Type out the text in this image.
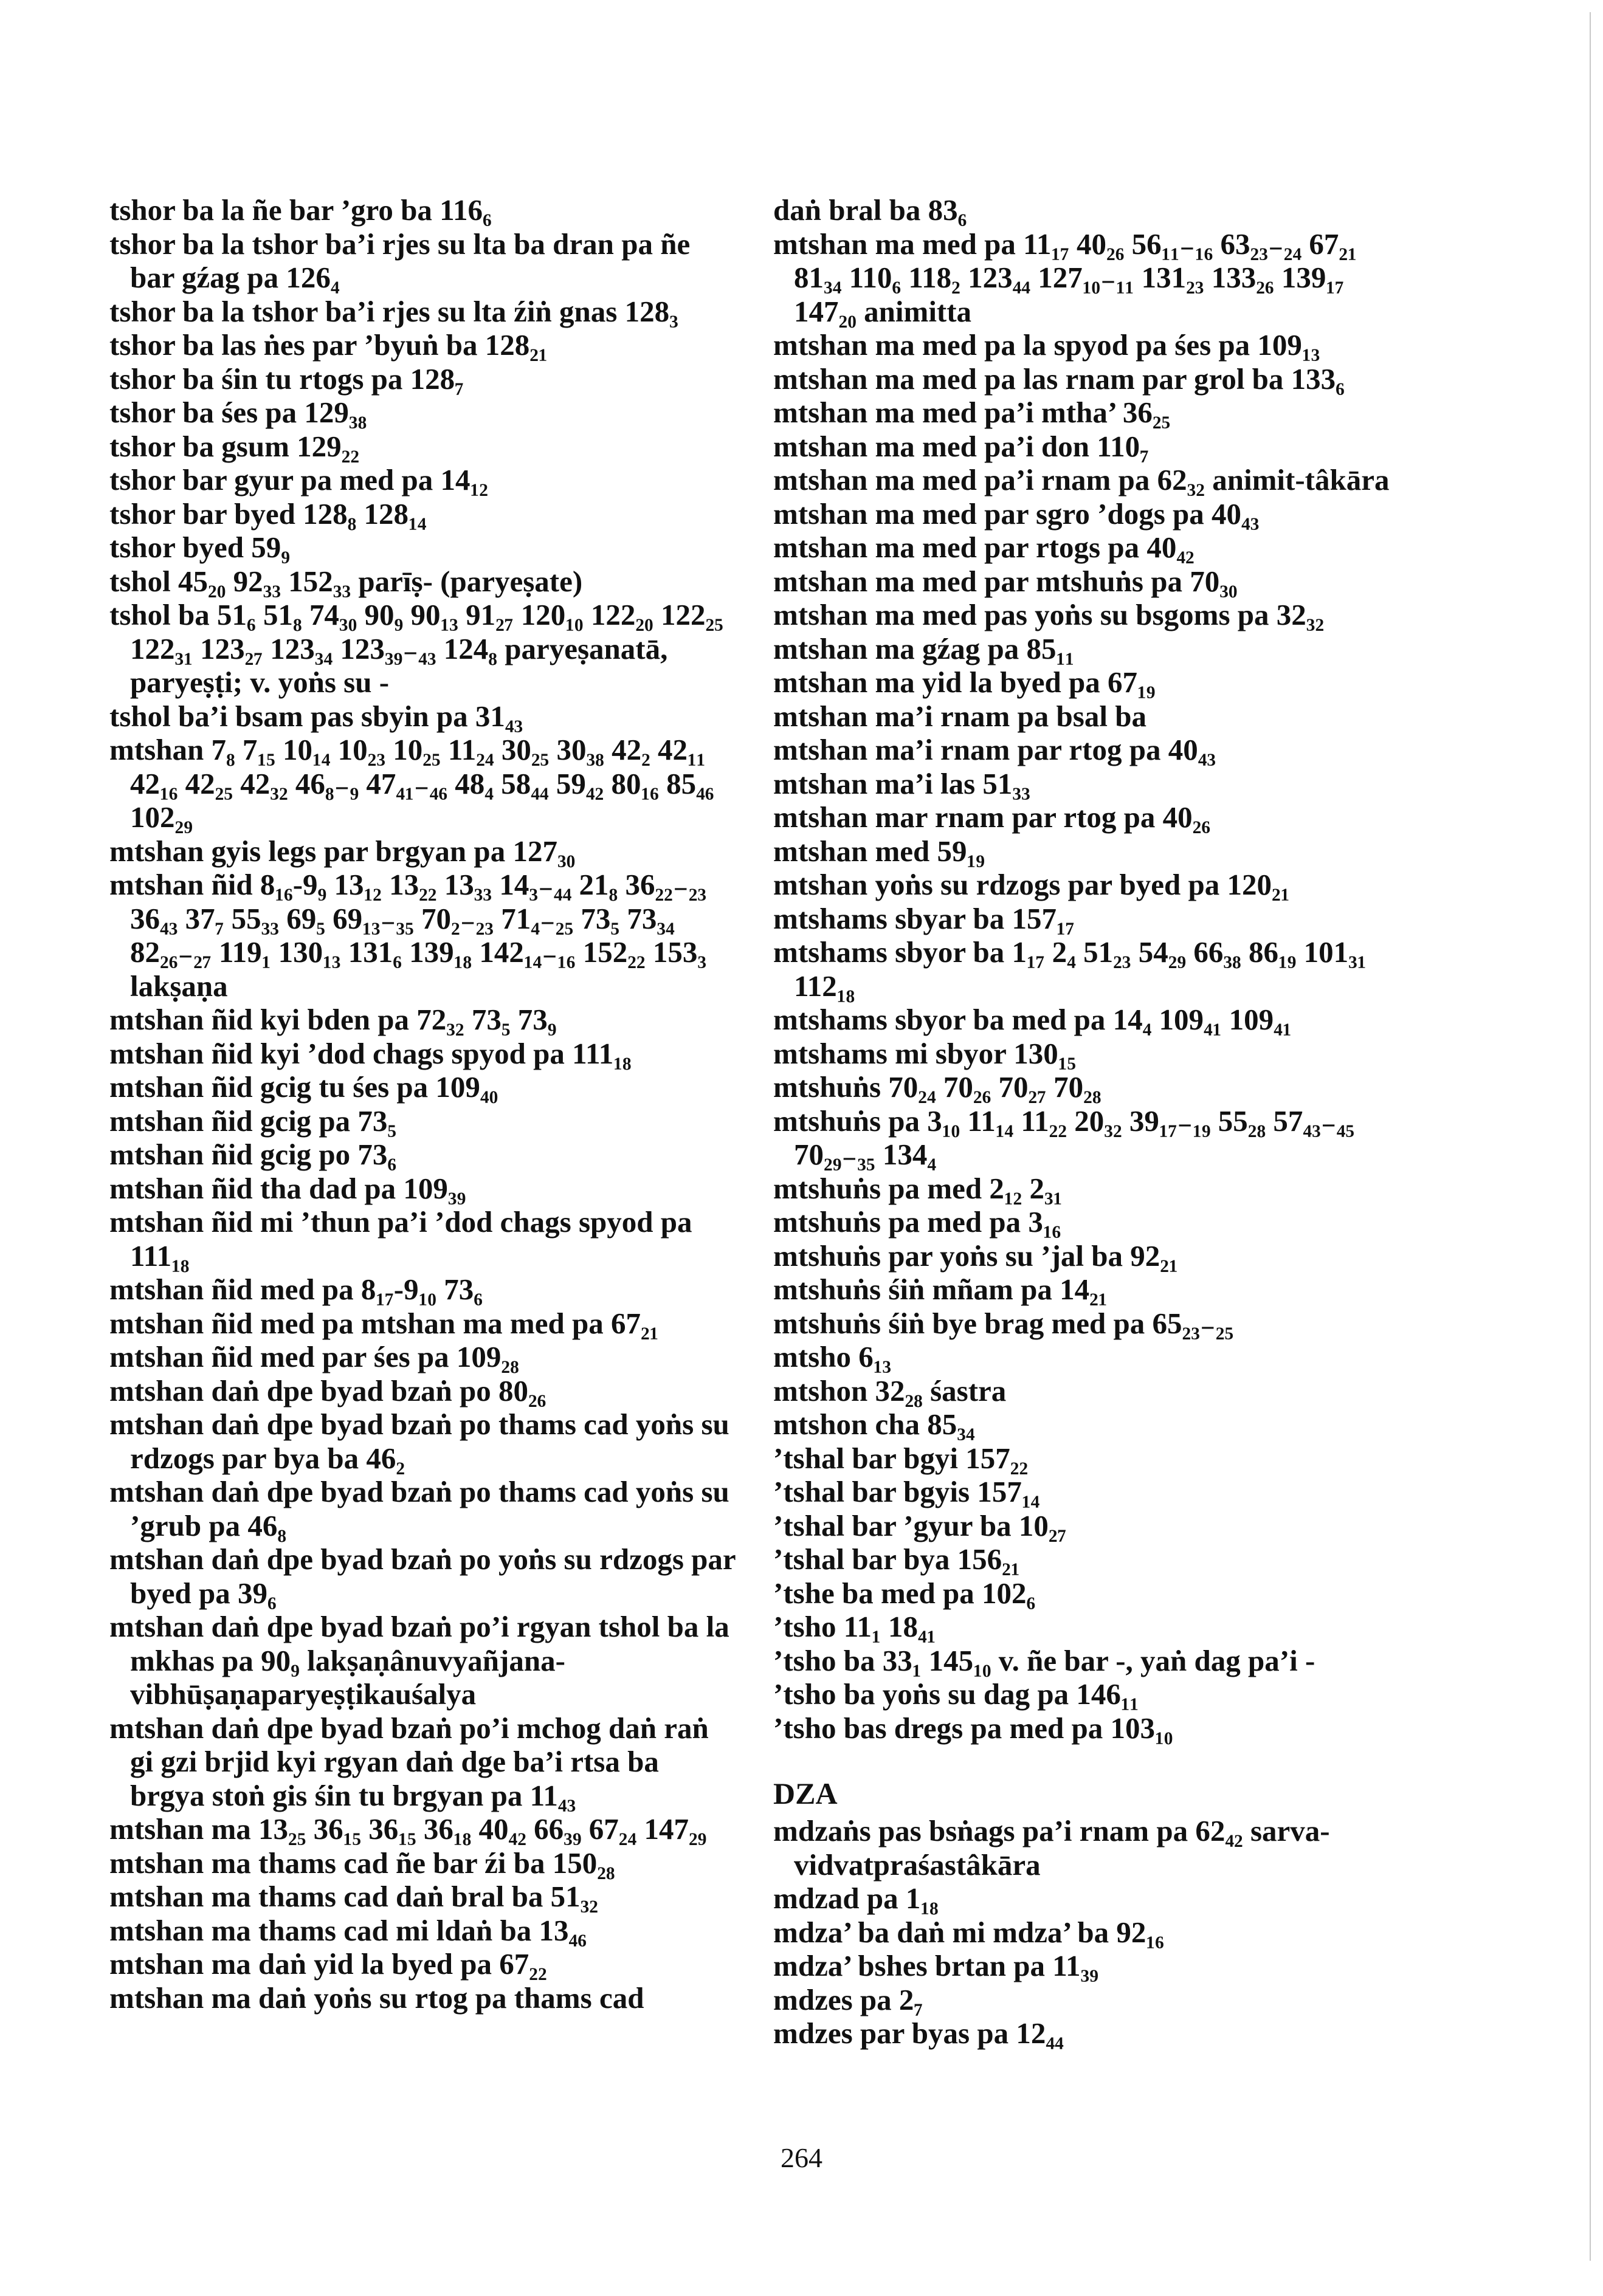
tshor ba la ñe bar ’gro ba 116₆

tshor ba la tshor ba’i rjes su lta ba dran pa ñe bar gźag pa 126₄

tshor ba la tshor ba’i rjes su lta źiṅ gnas 128₃

tshor ba las ṅes par ’byuṅ ba 128₂₁

tshor ba śin tu rtogs pa 128₇

tshor ba śes pa 129₃₈

tshor ba gsum 129₂₂

tshor bar gyur pa med pa 14₁₂

tshor bar byed 128₈ 128₁₄

tshor byed 59₉

tshol 45₂₀ 92₃₃ 152₃₃ parīṣ- (paryeṣate)

tshol ba 51₆ 51₈ 74₃₀ 90₉ 90₁₃ 91₂₇ 120₁₀ 122₂₀ 122₂₅ 122₃₁ 123₂₇ 123₃₄ 123₃₉₋₄₃ 124₈ paryeṣanatā, paryeṣṭi; v. yoṅs su -

tshol ba’i bsam pas sbyin pa 31₄₃

mtshan 7₈ 7₁₅ 10₁₄ 10₂₃ 10₂₅ 11₂₄ 30₂₅ 30₃₈ 42₂ 42₁₁ 42₁₆ 42₂₅ 42₃₂ 46₈₋₉ 47₄₁₋₄₆ 48₄ 58₄₄ 59₄₂ 80₁₆ 85₄₆ 102₂₉

mtshan gyis legs par brgyan pa 127₃₀

mtshan ñid 8₁₆-9₉ 13₁₂ 13₂₂ 13₃₃ 14₃₋₄₄ 21₈ 36₂₂₋₂₃ 36₄₃ 37₇ 55₃₃ 69₅ 69₁₃₋₃₅ 70₂₋₂₃ 71₄₋₂₅ 73₅ 73₃₄ 82₂₆₋₂₇ 119₁ 130₁₃ 131₆ 139₁₈ 142₁₄₋₁₆ 152₂₂ 153₃ lakṣaṇa

mtshan ñid kyi bden pa 72₃₂ 73₅ 73₉

mtshan ñid kyi ’dod chags spyod pa 111₁₈

mtshan ñid gcig tu śes pa 109₄₀

mtshan ñid gcig pa 73₅

mtshan ñid gcig po 73₆

mtshan ñid tha dad pa 109₃₉

mtshan ñid mi ’thun pa’i ’dod chags spyod pa 111₁₈

mtshan ñid med pa 8₁₇-9₁₀ 73₆

mtshan ñid med pa mtshan ma med pa 67₂₁

mtshan ñid med par śes pa 109₂₈

mtshan daṅ dpe byad bzaṅ po 80₂₆

mtshan daṅ dpe byad bzaṅ po thams cad yoṅs su rdzogs par bya ba 46₂

mtshan daṅ dpe byad bzaṅ po thams cad yoṅs su ’grub pa 46₈

mtshan daṅ dpe byad bzaṅ po yoṅs su rdzogs par byed pa 39₆

mtshan daṅ dpe byad bzaṅ po’i rgyan tshol ba la mkhas pa 90₉ lakṣaṇânuvyañjana-vibhūṣaṇaparyeṣṭikauśalya

mtshan daṅ dpe byad bzaṅ po’i mchog daṅ raṅ gi gzi brjid kyi rgyan daṅ dge ba’i rtsa ba brgya stoṅ gis śin tu brgyan pa 11₄₃

mtshan ma 13₂₅ 36₁₅ 36₁₅ 36₁₈ 40₄₂ 66₃₉ 67₂₄ 147₂₉

mtshan ma thams cad ñe bar źi ba 150₂₈

mtshan ma thams cad daṅ bral ba 51₃₂

mtshan ma thams cad mi ldaṅ ba 13₄₆

mtshan ma daṅ yid la byed pa 67₂₂

mtshan ma daṅ yoṅs su rtog pa thams cad

daṅ bral ba 83₆

mtshan ma med pa 11₁₇ 40₂₆ 56₁₁₋₁₆ 63₂₃₋₂₄ 67₂₁ 81₃₄ 110₆ 118₂ 123₄₄ 127₁₀₋₁₁ 131₂₃ 133₂₆ 139₁₇ 147₂₀ animitta

mtshan ma med pa la spyod pa śes pa 109₁₃

mtshan ma med pa las rnam par grol ba 133₆

mtshan ma med pa’i mtha’ 36₂₅

mtshan ma med pa’i don 110₇

mtshan ma med pa’i rnam pa 62₃₂ animit-tâkāra

mtshan ma med par sgro ’dogs pa 40₄₃

mtshan ma med par rtogs pa 40₄₂

mtshan ma med par mtshuṅs pa 70₃₀

mtshan ma med pas yoṅs su bsgoms pa 32₃₂

mtshan ma gźag pa 85₁₁

mtshan ma yid la byed pa 67₁₉

mtshan ma’i rnam pa bsal ba

mtshan ma’i rnam par rtog pa 40₄₃

mtshan ma’i las 51₃₃

mtshan mar rnam par rtog pa 40₂₆

mtshan med 59₁₉

mtshan yoṅs su rdzogs par byed pa 120₂₁

mtshams sbyar ba 157₁₇

mtshams sbyor ba 1₁₇ 2₄ 51₂₃ 54₂₉ 66₃₈ 86₁₉ 101₃₁ 112₁₈

mtshams sbyor ba med pa 14₄ 109₄₁ 109₄₁

mtshams mi sbyor 130₁₅

mtshuṅs 70₂₄ 70₂₆ 70₂₇ 70₂₈

mtshuṅs pa 3₁₀ 11₁₄ 11₂₂ 20₃₂ 39₁₇₋₁₉ 55₂₈ 57₄₃₋₄₅ 70₂₉₋₃₅ 134₄

mtshuṅs pa med 2₁₂ 2₃₁

mtshuṅs pa med pa 3₁₆

mtshuṅs par yoṅs su ’jal ba 92₂₁

mtshuṅs śiṅ mñam pa 14₂₁

mtshuṅs śiṅ bye brag med pa 65₂₃₋₂₅

mtsho 6₁₃

mtshon 32₂₈ śastra

mtshon cha 85₃₄

’tshal bar bgyi 157₂₂

’tshal bar bgyis 157₁₄

’tshal bar ’gyur ba 10₂₇

’tshal bar bya 156₂₁

’tshe ba med pa 102₆

’tsho 11₁ 18₄₁

’tsho ba 33₁ 145₁₀ v. ñe bar -, yaṅ dag pa’i -

’tsho ba yoṅs su dag pa 146₁₁

’tsho bas dregs pa med pa 103₁₀

DZA

mdzaṅs pas bsṅags pa’i rnam pa 62₄₂ sarva-vidvatpraśastâkāra

mdzad pa 1₁₈

mdza’ ba daṅ mi mdza’ ba 92₁₆

mdza’ bshes brtan pa 11₃₉

mdzes pa 2₇

mdzes par byas pa 12₄₄

264
